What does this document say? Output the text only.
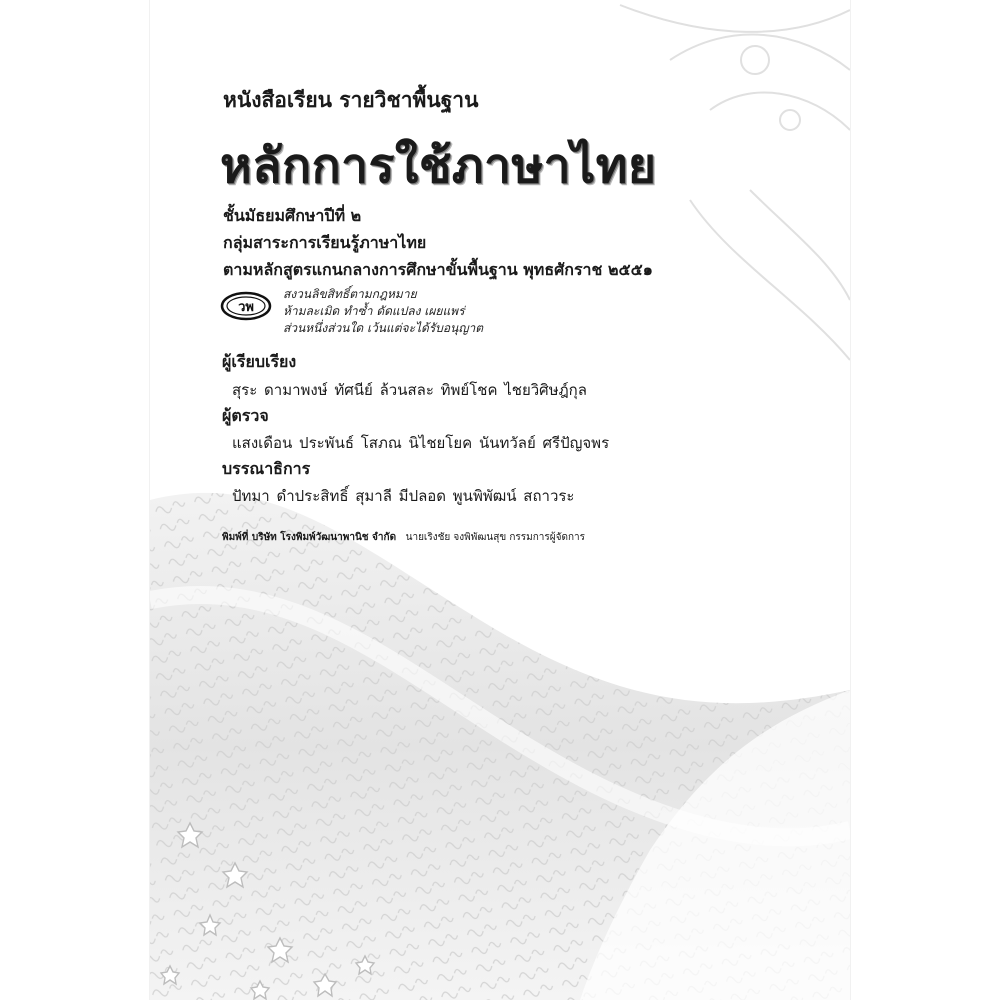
หนังสือเรียน รายวิชาพื้นฐาน
หลักการใช้ภาษาไทย
ชั้นมัธยมศึกษาปีที่ ๒
กลุ่มสาระการเรียนรู้ภาษาไทย
ตามหลักสูตรแกนกลางการศึกษาขั้นพื้นฐาน พุทธศักราช ๒๕๕๑
วพ
สงวนลิขสิทธิ์ตามกฎหมาย
ห้ามละเมิด ทำซ้ำ ดัดแปลง เผยแพร่
ส่วนหนึ่งส่วนใด เว้นแต่จะได้รับอนุญาต
ผู้เรียบเรียง
สุระ ดามาพงษ์ ทัศนีย์ ล้วนสละ ทิพย์โชค ไชยวิศิษฎ์กุล
ผู้ตรวจ
แสงเดือน ประพันธ์ โสภณ นิไชยโยค นันทวัลย์ ศรีปัญจพร
บรรณาธิการ
ปัทมา ดำประสิทธิ์ สุมาลี มีปลอด พูนพิพัฒน์ สถาวระ
พิมพ์ที่ บริษัท โรงพิมพ์วัฒนาพานิช จำกัด นายเริงชัย จงพิพัฒนสุข กรรมการผู้จัดการ
